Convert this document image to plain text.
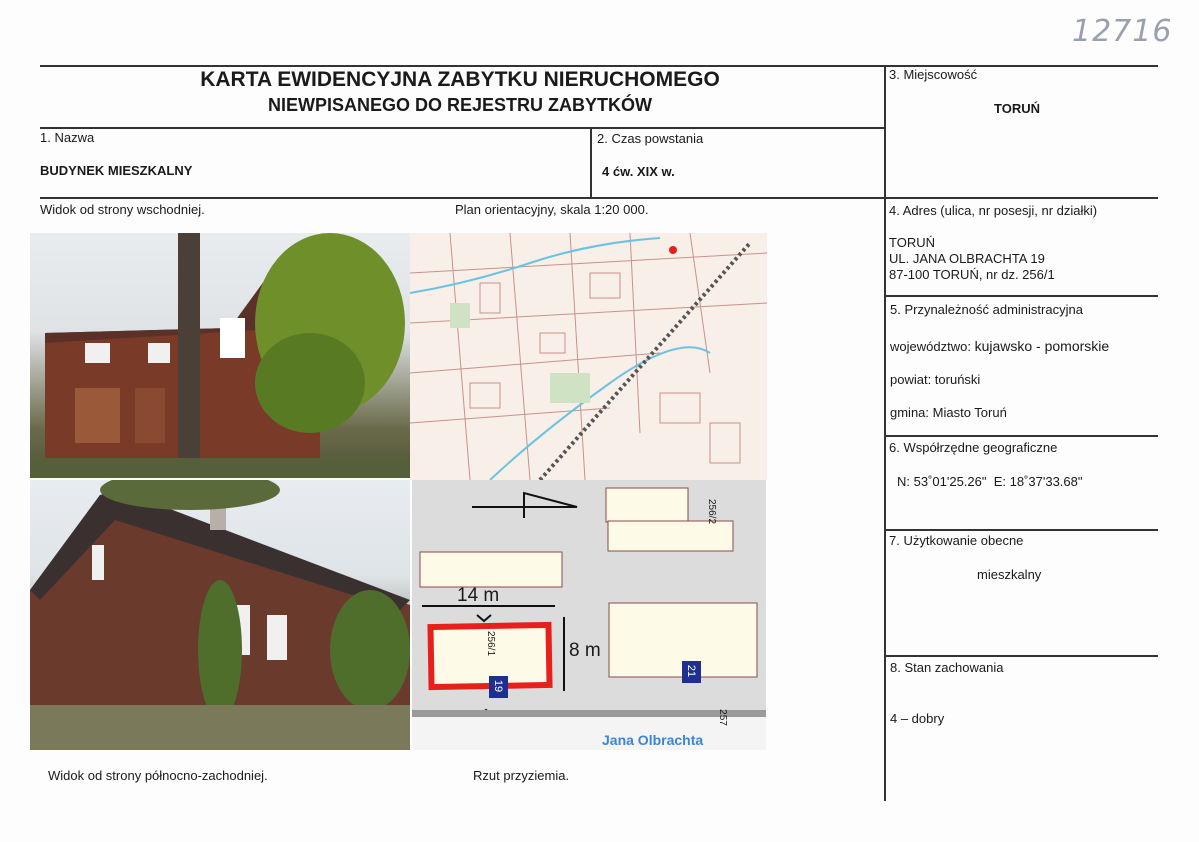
12716
KARTA EWIDENCYJNA ZABYTKU NIERUCHOMEGO
NIEWPISANEGO DO REJESTRU ZABYTKÓW
1. Nazwa
BUDYNEK MIESZKALNY
2. Czas powstania
4 ćw. XIX w.
3. Miejscowość
TORUŃ
4. Adres (ulica, nr posesji, nr działki)
TORUŃ
UL. JANA OLBRACHTA 19
87-100 TORUŃ, nr dz. 256/1
5. Przynależność administracyjna
województwo: kujawsko - pomorskie
powiat: toruński
gmina: Miasto Toruń
6. Współrzędne geograficzne
N: 53˚01'25.26"  E: 18˚37'33.68"
7. Użytkowanie obecne
mieszkalny
8. Stan zachowania
4 – dobry
Widok od strony wschodniej.	Plan orientacyjny, skala 1:20 000.
Widok od strony północno-zachodniej.	Rzut przyziemia.
14 m
8 m
256/1
256/2
257
19
21
Jana Olbrachta
